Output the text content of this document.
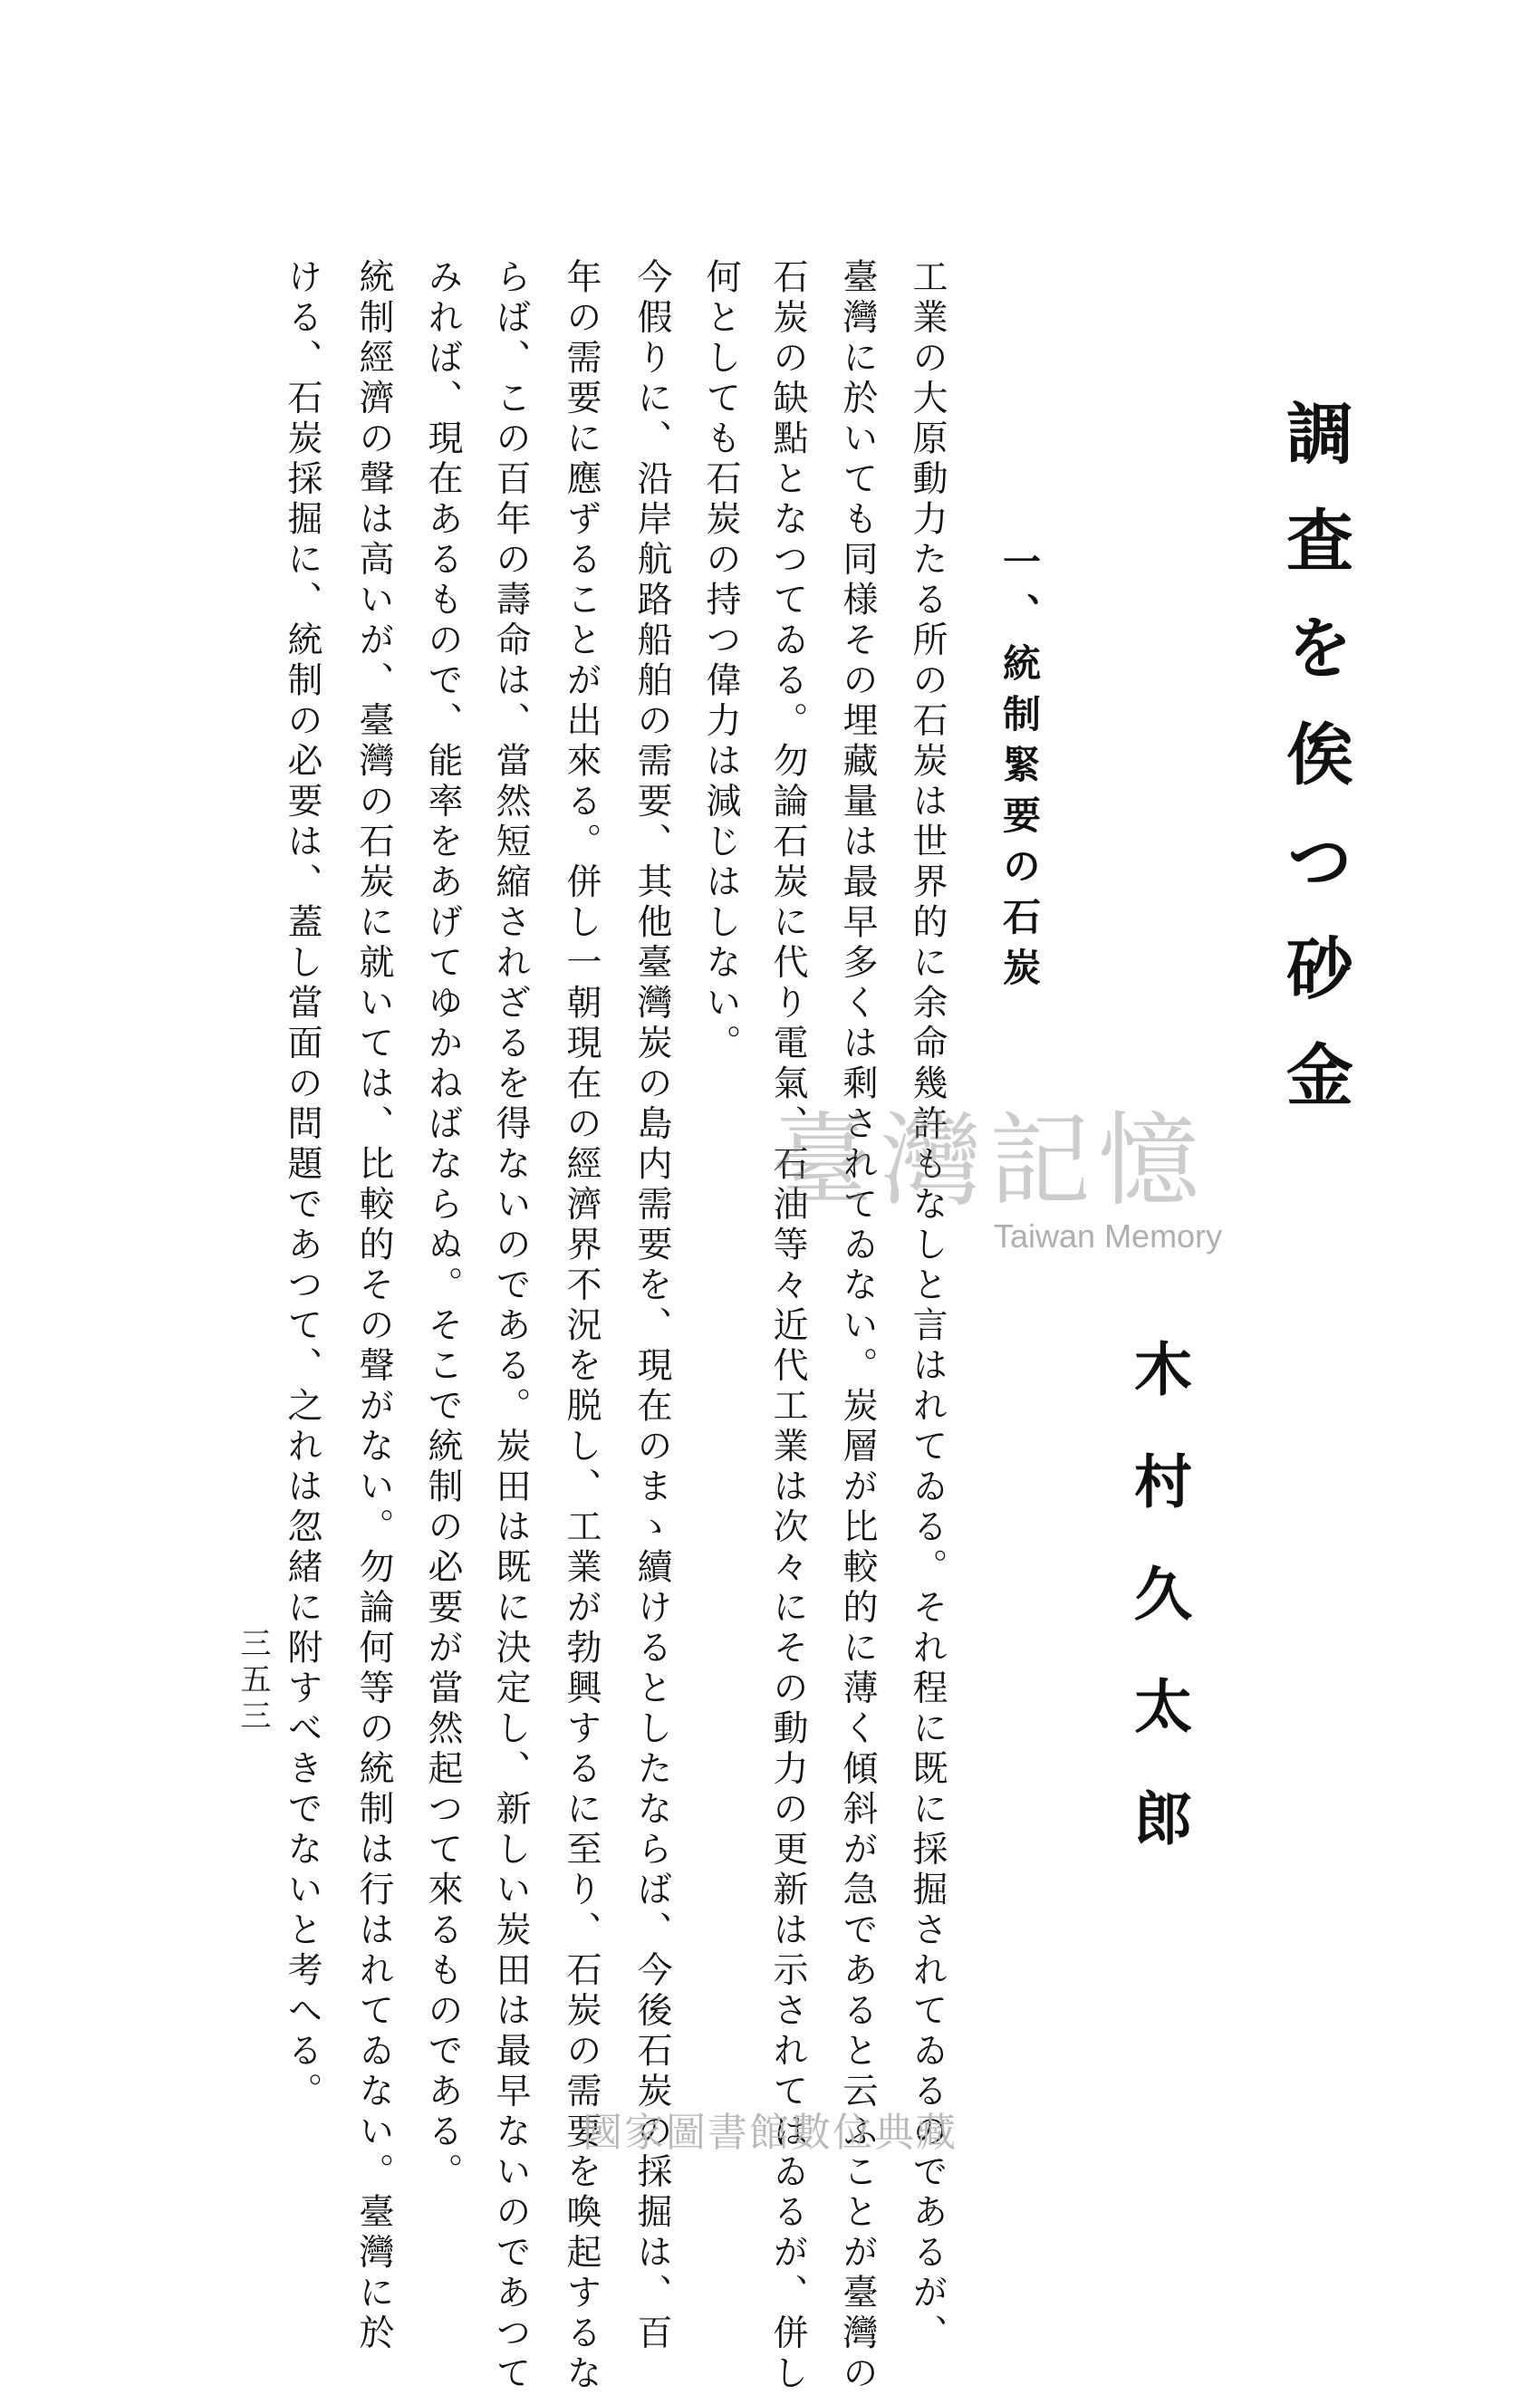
調査を俟つ砂金
木村久太郎
一、統制緊要の石炭
工業の大原動力たる所の石炭は世界的に余命幾許もなしと言はれてゐる。それ程に既に採掘されてゐるのであるが、
臺灣に於いても同様その埋藏量は最早多くは剩されてゐない。炭層が比較的に薄く傾斜が急であると云ふことが臺灣の
石炭の缺點となつてゐる。勿論石炭に代り電氣、石油等々近代工業は次々にその動力の更新は示されてはゐるが、併し
何としても石炭の持つ偉力は減じはしない。
今假りに、沿岸航路船舶の需要、其他臺灣炭の島内需要を、現在のまゝ續けるとしたならば、今後石炭の採掘は、百
年の需要に應ずることが出來る。併し一朝現在の經濟界不況を脱し、工業が勃興するに至り、石炭の需要を喚起するな
らば、この百年の壽命は、當然短縮されざるを得ないのである。炭田は既に決定し、新しい炭田は最早ないのであつて
みれば、現在あるもので、能率をあげてゆかねばならぬ。そこで統制の必要が當然起つて來るものである。
統制經濟の聲は高いが、臺灣の石炭に就いては、比較的その聲がない。勿論何等の統制は行はれてゐない。臺灣に於
ける、石炭採掘に、統制の必要は、蓋し當面の問題であつて、之れは忽緒に附すべきでないと考へる。
三五三
臺灣記憶
Taiwan Memory
國家圖書館數位典藏
